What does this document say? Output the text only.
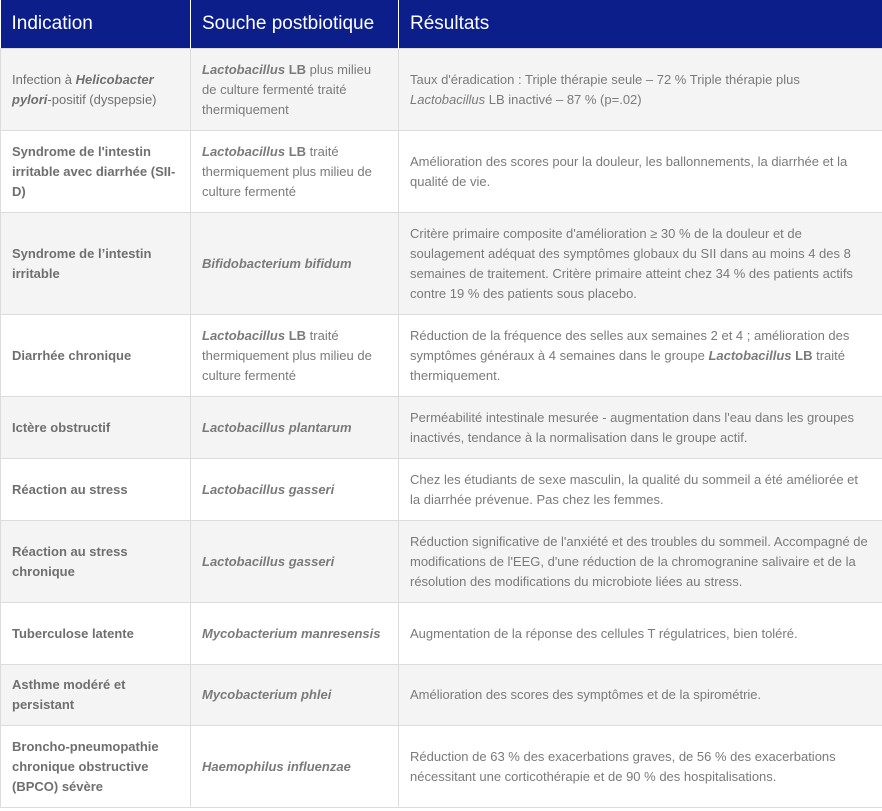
Indication	Souche postbiotique	Résultats
Infection à Helicobacter pylori-positif (dyspepsie)	Lactobacillus LB plus milieu de culture fermenté traité thermiquement	Taux d'éradication : Triple thérapie seule – 72 % Triple thérapie plus Lactobacillus LB inactivé – 87 % (p=.02)
Syndrome de l'intestin irritable avec diarrhée (SII-D)	Lactobacillus LB traité thermiquement plus milieu de culture fermenté	Amélioration des scores pour la douleur, les ballonnements, la diarrhée et la qualité de vie.
Syndrome de l’intestin irritable	Bifidobacterium bifidum	Critère primaire composite d'amélioration ≥ 30 % de la douleur et de soulagement adéquat des symptômes globaux du SII dans au moins 4 des 8 semaines de traitement. Critère primaire atteint chez 34 % des patients actifs contre 19 % des patients sous placebo.
Diarrhée chronique	Lactobacillus LB traité thermiquement plus milieu de culture fermenté	Réduction de la fréquence des selles aux semaines 2 et 4 ; amélioration des symptômes généraux à 4 semaines dans le groupe Lactobacillus LB traité thermiquement.
Ictère obstructif	Lactobacillus plantarum	Perméabilité intestinale mesurée - augmentation dans l'eau dans les groupes inactivés, tendance à la normalisation dans le groupe actif.
Réaction au stress	Lactobacillus gasseri	Chez les étudiants de sexe masculin, la qualité du sommeil a été améliorée et la diarrhée prévenue. Pas chez les femmes.
Réaction au stress chronique	Lactobacillus gasseri	Réduction significative de l'anxiété et des troubles du sommeil. Accompagné de modifications de l'EEG, d'une réduction de la chromogranine salivaire et de la résolution des modifications du microbiote liées au stress.
Tuberculose latente	Mycobacterium manresensis	Augmentation de la réponse des cellules T régulatrices, bien toléré.
Asthme modéré et persistant	Mycobacterium phlei	Amélioration des scores des symptômes et de la spirométrie.
Broncho-pneumopathie chronique obstructive (BPCO) sévère	Haemophilus influenzae	Réduction de 63 % des exacerbations graves, de 56 % des exacerbations nécessitant une corticothérapie et de 90 % des hospitalisations.
